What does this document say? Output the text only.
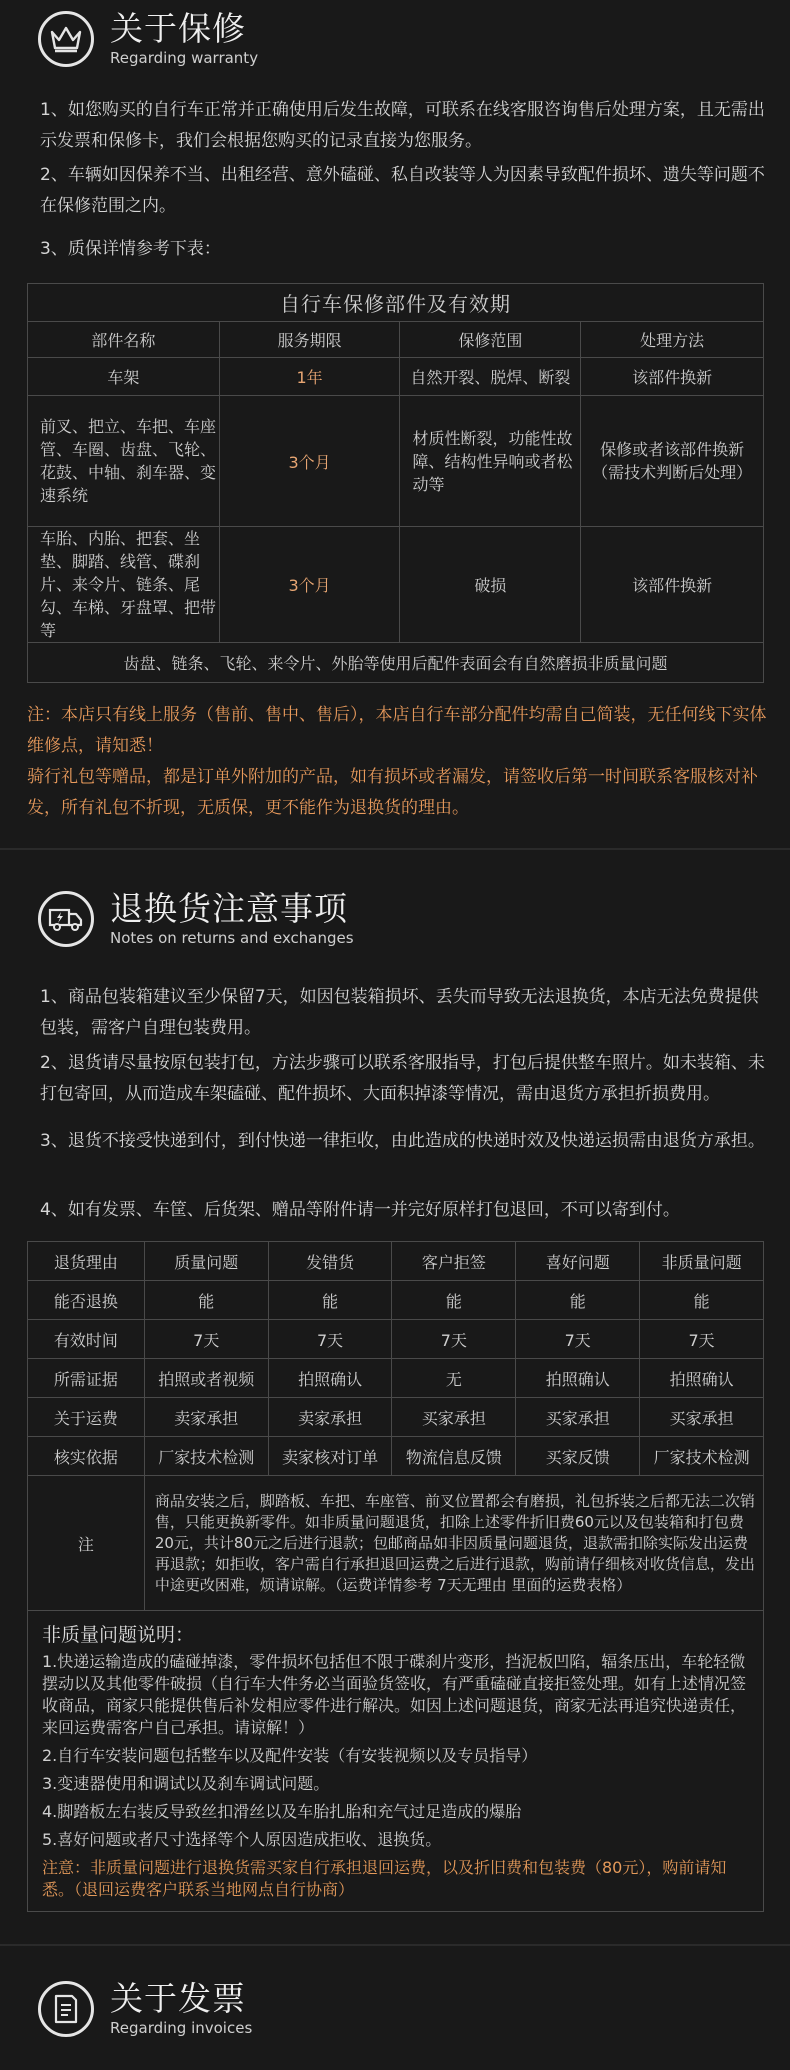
关于保修
Regarding warranty
1、如您购买的自行车正常并正确使用后发生故障，可联系在线客服咨询售后处理方案，且无需出示发票和保修卡，我们会根据您购买的记录直接为您服务。
2、车辆如因保养不当、出租经营、意外磕碰、私自改装等人为因素导致配件损坏、遗失等问题不在保修范围之内。
3、质保详情参考下表：
自行车保修部件及有效期			
部件名称	服务期限	保修范围	处理方法
车架	1年	自然开裂、脱焊、断裂	该部件换新
前叉、把立、车把、车座管、车圈、齿盘、飞轮、花鼓、中轴、刹车器、变速系统	3个月	材质性断裂，功能性故障、结构性异响或者松动等	保修或者该部件换新（需技术判断后处理）
车胎、内胎、把套、坐垫、脚踏、线管、碟刹片、来令片、链条、尾勾、车梯、牙盘罩、把带等	3个月	破损	该部件换新
齿盘、链条、飞轮、来令片、外胎等使用后配件表面会有自然磨损非质量问题			
注：本店只有线上服务（售前、售中、售后），本店自行车部分配件均需自己简装，无任何线下实体维修点，请知悉！
骑行礼包等赠品，都是订单外附加的产品，如有损坏或者漏发，请签收后第一时间联系客服核对补发，所有礼包不折现，无质保，更不能作为退换货的理由。
退换货注意事项
Notes on returns and exchanges
1、商品包装箱建议至少保留7天，如因包装箱损坏、丢失而导致无法退换货，本店无法免费提供包装，需客户自理包装费用。
2、退货请尽量按原包装打包，方法步骤可以联系客服指导，打包后提供整车照片。如未装箱、未打包寄回，从而造成车架磕碰、配件损坏、大面积掉漆等情况，需由退货方承担折损费用。
3、退货不接受快递到付，到付快递一律拒收，由此造成的快递时效及快递运损需由退货方承担。
4、如有发票、车筐、后货架、赠品等附件请一并完好原样打包退回，不可以寄到付。
退货理由	质量问题	发错货	客户拒签	喜好问题	非质量问题
能否退换	能	能	能	能	能
有效时间	7天	7天	7天	7天	7天
所需证据	拍照或者视频	拍照确认	无	拍照确认	拍照确认
关于运费	卖家承担	卖家承担	买家承担	买家承担	买家承担
核实依据	厂家技术检测	卖家核对订单	物流信息反馈	买家反馈	厂家技术检测
注	商品安装之后，脚踏板、车把、车座管、前叉位置都会有磨损，礼包拆装之后都无法二次销售，只能更换新零件。如非质量问题退货，扣除上述零件折旧费60元以及包装箱和打包费20元，共计80元之后进行退款；包邮商品如非因质量问题退货，退款需扣除实际发出运费再退款；如拒收，客户需自行承担退回运费之后进行退款，购前请仔细核对收货信息，发出中途更改困难，烦请谅解。（运费详情参考 7天无理由 里面的运费表格）				
非质量问题说明：
1.快递运输造成的磕碰掉漆，零件损坏包括但不限于碟刹片变形，挡泥板凹陷，辐条压出，车轮轻微摆动以及其他零件破损（自行车大件务必当面验货签收，有严重磕碰直接拒签处理。如有上述情况签收商品，商家只能提供售后补发相应零件进行解决。如因上述问题退货，商家无法再追究快递责任，来回运费需客户自己承担。请谅解！）
2.自行车安装问题包括整车以及配件安装（有安装视频以及专员指导）
3.变速器使用和调试以及刹车调试问题。
4.脚踏板左右装反导致丝扣滑丝以及车胎扎胎和充气过足造成的爆胎
5.喜好问题或者尺寸选择等个人原因造成拒收、退换货。
注意：非质量问题进行退换货需买家自行承担退回运费，以及折旧费和包装费（80元），购前请知悉。（退回运费客户联系当地网点自行协商）
关于发票
Regarding invoices
